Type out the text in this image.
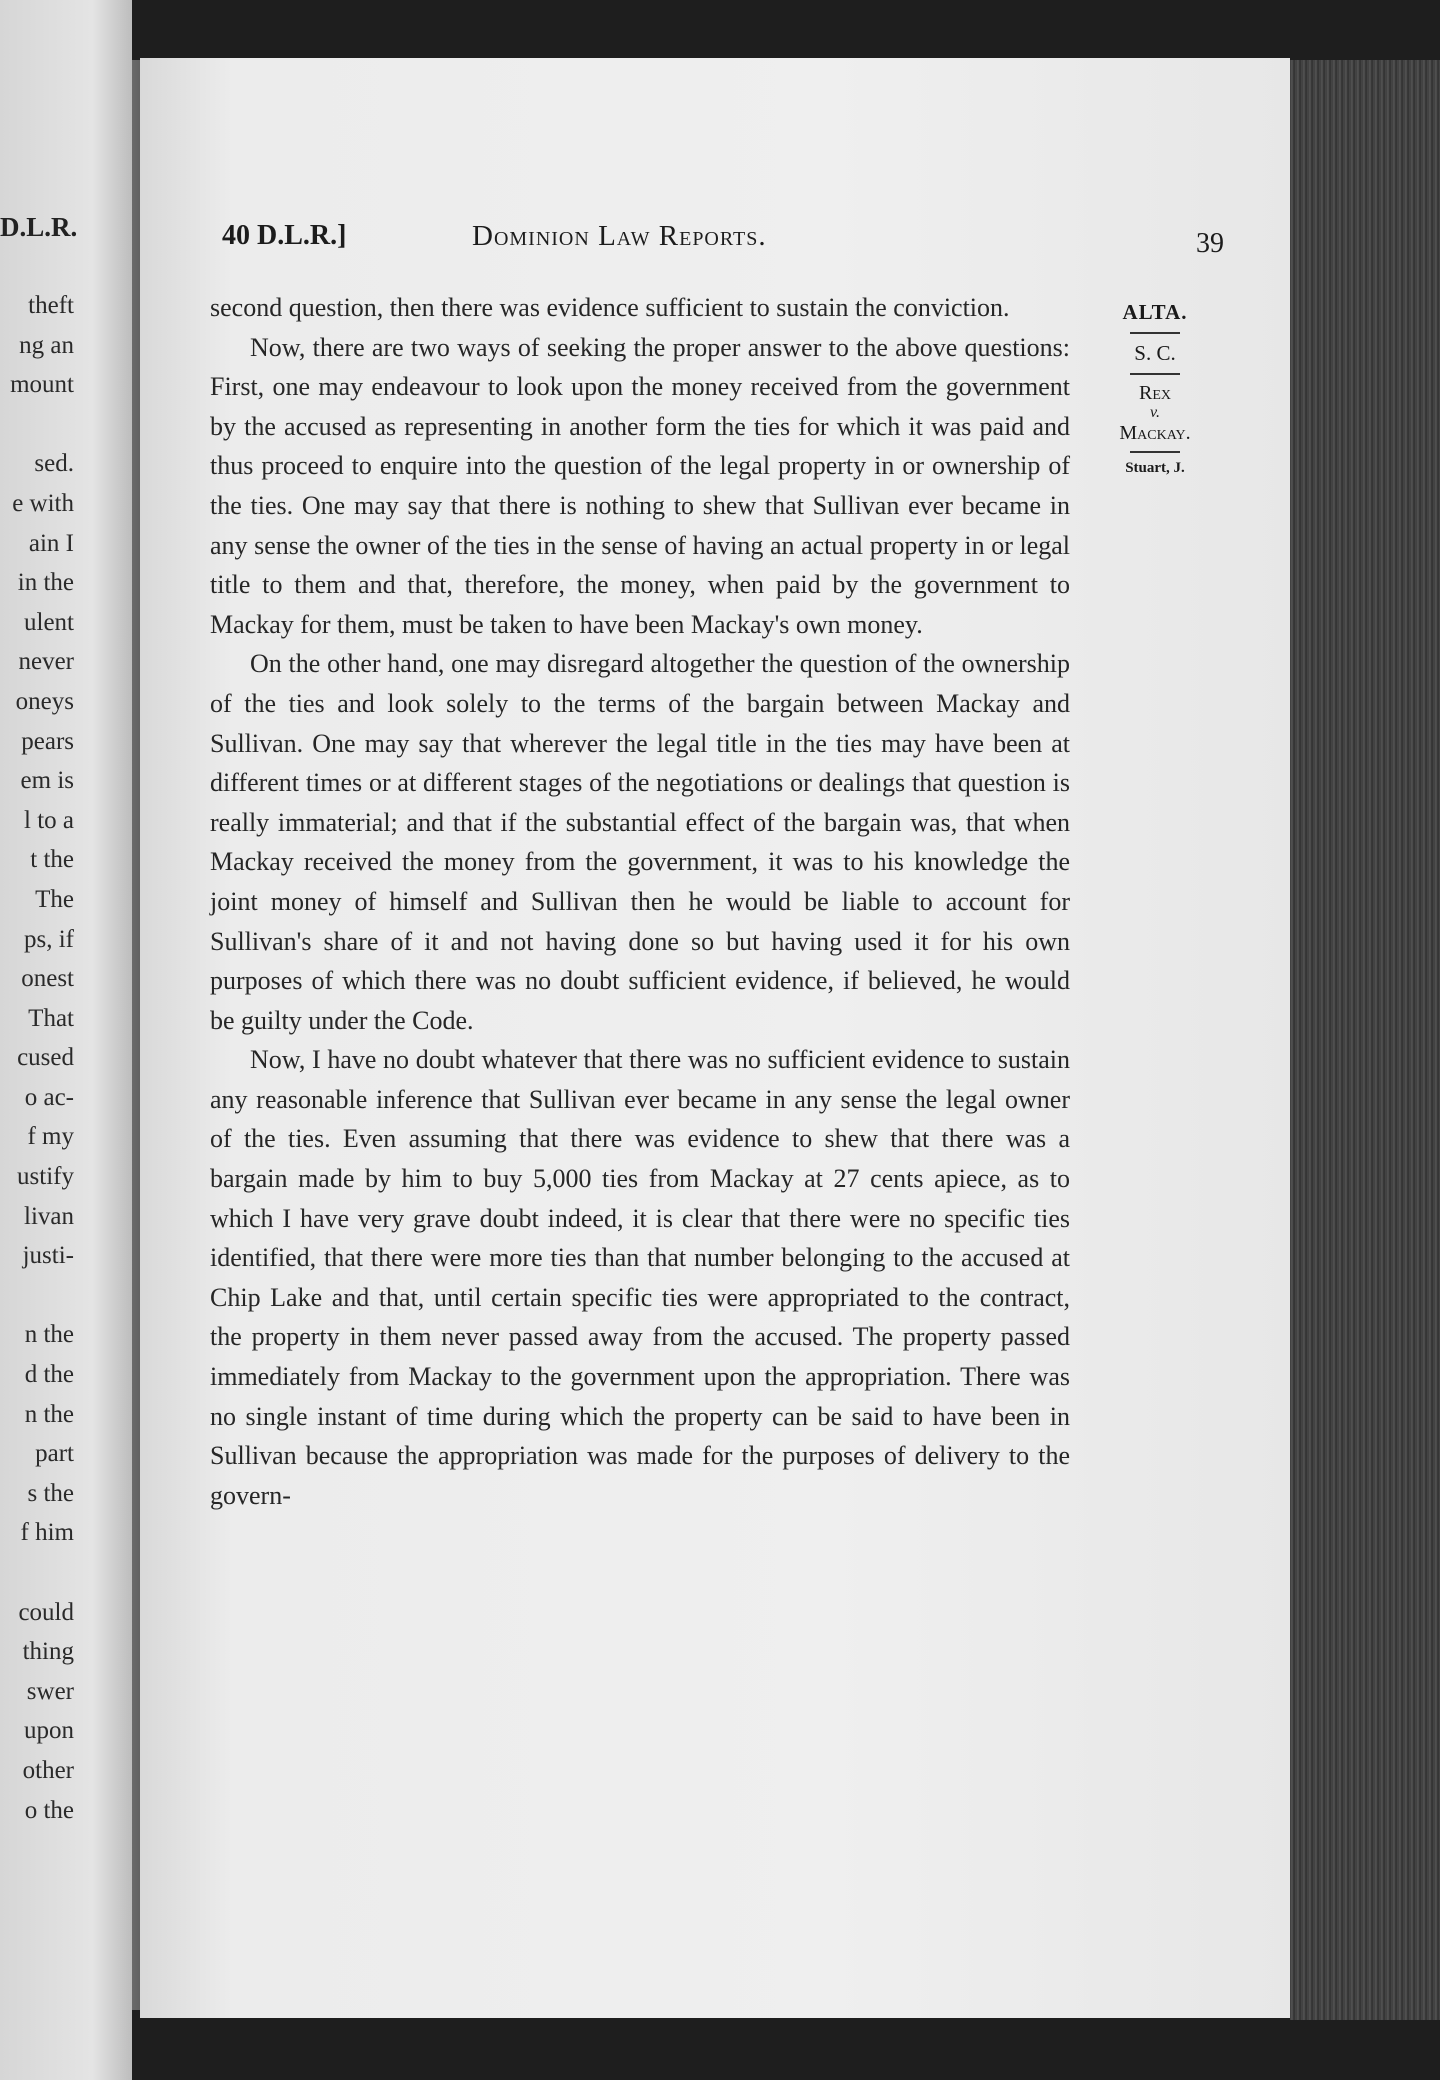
D.L.R.
theft
ng an
mount
sed.
e with
ain I
in the
ulent
never
oneys
pears
em is
l to a
t the
The
ps, if
onest
That
cused
o ac-
f my
ustify
livan
justi-
n the
d the
n the
part
s the
f him
could
thing
swer
upon
other
o the
40 D.L.R.]	Dominion Law Reports.	39
ALTA.
S. C.
Rex
v.
Mackay.
Stuart, J.

second question, then there was evidence sufficient to sustain the conviction.

Now, there are two ways of seeking the proper answer to the above questions: First, one may endeavour to look upon the money received from the government by the accused as representing in another form the ties for which it was paid and thus proceed to enquire into the question of the legal property in or ownership of the ties. One may say that there is nothing to shew that Sullivan ever became in any sense the owner of the ties in the sense of having an actual property in or legal title to them and that, therefore, the money, when paid by the government to Mackay for them, must be taken to have been Mackay's own money.

On the other hand, one may disregard altogether the question of the ownership of the ties and look solely to the terms of the bargain between Mackay and Sullivan. One may say that wherever the legal title in the ties may have been at different times or at different stages of the negotiations or dealings that question is really immaterial; and that if the substantial effect of the bargain was, that when Mackay received the money from the government, it was to his knowledge the joint money of himself and Sullivan then he would be liable to account for Sullivan's share of it and not having done so but having used it for his own purposes of which there was no doubt sufficient evidence, if believed, he would be guilty under the Code.

Now, I have no doubt whatever that there was no sufficient evidence to sustain any reasonable inference that Sullivan ever became in any sense the legal owner of the ties. Even assuming that there was evidence to shew that there was a bargain made by him to buy 5,000 ties from Mackay at 27 cents apiece, as to which I have very grave doubt indeed, it is clear that there were no specific ties identified, that there were more ties than that number belonging to the accused at Chip Lake and that, until certain specific ties were appropriated to the contract, the property in them never passed away from the accused. The property passed immediately from Mackay to the government upon the appropriation. There was no single instant of time during which the property can be said to have been in Sullivan because the appropriation was made for the purposes of delivery to the govern-
